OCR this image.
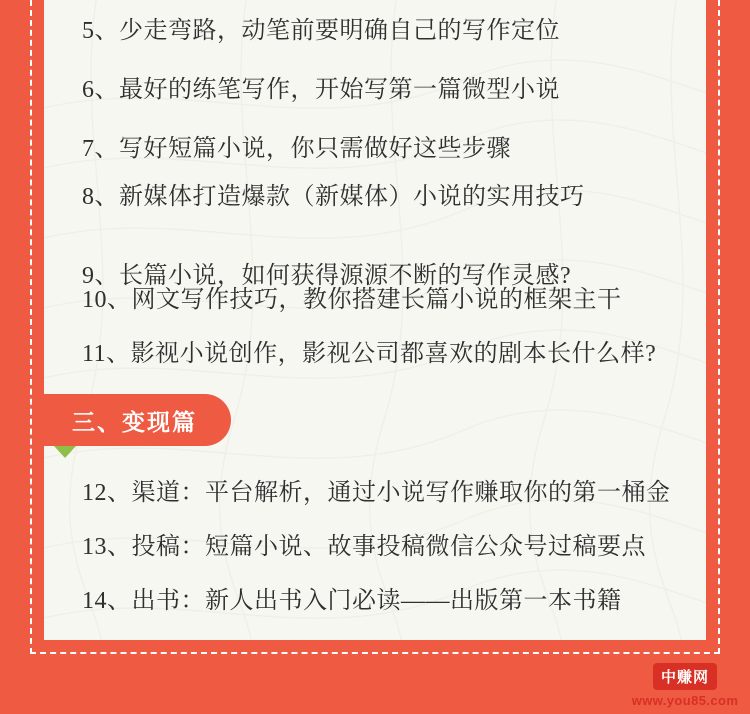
5、少走弯路，动笔前要明确自己的写作定位
6、最好的练笔写作，开始写第一篇微型小说
7、写好短篇小说，你只需做好这些步骤
8、新媒体打造爆款（新媒体）小说的实用技巧
9、长篇小说，如何获得源源不断的写作灵感?
10、网文写作技巧，教你搭建长篇小说的框架主干
11、影视小说创作，影视公司都喜欢的剧本长什么样?
三、变现篇
12、渠道：平台解析，通过小说写作赚取你的第一桶金
13、投稿：短篇小说、故事投稿微信公众号过稿要点
14、出书：新人出书入门必读——出版第一本书籍
中赚网
www.you85.com
